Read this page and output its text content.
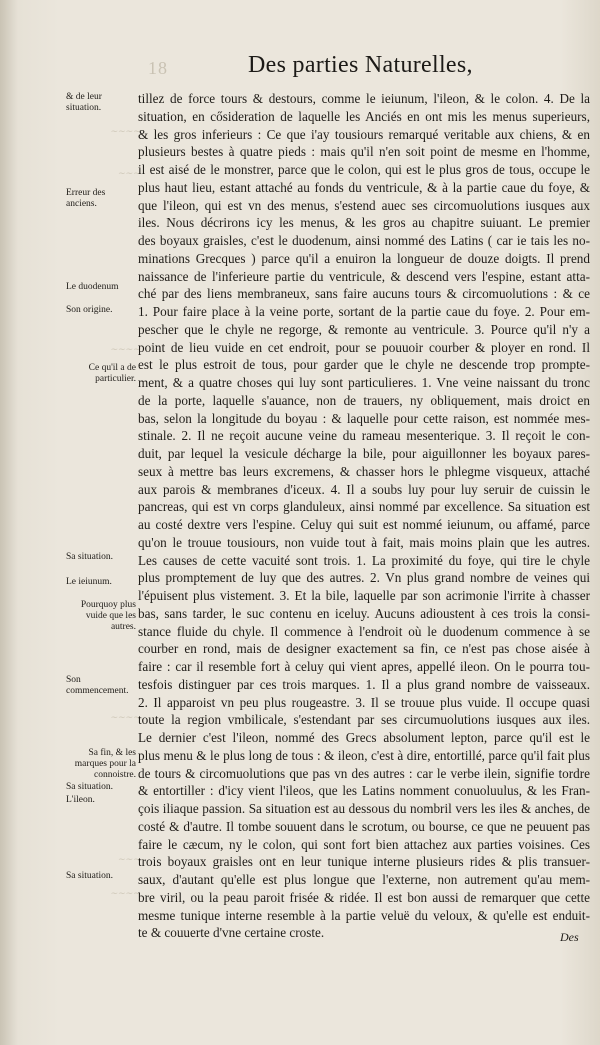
18	Des parties Naturelles,
∼∼∼∼
∼∼∼
∼∼∼∼
∼∼∼∼
∼∼∼
∼∼∼∼
& de leur situation.
Erreur des anciens.
Le duodenum
Son origine.
Ce qu'il a de particulier.
Sa situation.
Le ieiunum.
Pourquoy plus vuide que les autres.
Son commencement.
Sa fin, & les marques pour la connoistre.
Sa situation.
L'ileon.
Sa situation.
tillez de force tours & destours, comme le ieiunum, l'ileon, & le colon. 4. De la
situation, en cősideration de laquelle les Anciés en ont mis les menus superieurs,
& les gros inferieurs : Ce que i'ay tousiours remarqué veritable aux chiens, & en
plusieurs bestes à quatre pieds : mais qu'il n'en soit point de mesme en l'homme,
il est aisé de le monstrer, parce que le colon, qui est le plus gros de tous, occupe le
plus haut lieu, estant attaché au fonds du ventricule, & à la partie caue du foye, &
que l'ileon, qui est vn des menus, s'estend auec ses circomuolutions iusques aux
iles. Nous décrirons icy les menus, & les gros au chapitre suiuant. Le premier
des boyaux graisles, c'est le duodenum, ainsi nommé des Latins ( car ie tais les no-
minations Grecques ) parce qu'il a enuiron la longueur de douze doigts. Il prend
naissance de l'inferieure partie du ventricule, & descend vers l'espine, estant atta-
ché par des liens membraneux, sans faire aucuns tours & circomuolutions : & ce
1. Pour faire place à la veine porte, sortant de la partie caue du foye. 2. Pour em-
pescher que le chyle ne regorge, & remonte au ventricule. 3. Pource qu'il n'y a
point de lieu vuide en cet endroit, pour se pouuoir courber & ployer en rond. Il
est le plus estroit de tous, pour garder que le chyle ne descende trop prompte-
ment, & a quatre choses qui luy sont particulieres. 1. Vne veine naissant du tronc
de la porte, laquelle s'auance, non de trauers, ny obliquement, mais droict en
bas, selon la longitude du boyau : & laquelle pour cette raison, est nommée mes-
stinale. 2. Il ne reçoit aucune veine du rameau mesenterique. 3. Il reçoit le con-
duit, par lequel la vesicule décharge la bile, pour aiguillonner les boyaux pares-
seux à mettre bas leurs excremens, & chasser hors le phlegme visqueux, attaché
aux parois & membranes d'iceux. 4. Il a soubs luy pour luy seruir de cuissin le
pancreas, qui est vn corps glanduleux, ainsi nommé par excellence. Sa situation est
au costé dextre vers l'espine. Celuy qui suit est nommé ieiunum, ou affamé, parce
qu'on le trouue tousiours, non vuide tout à fait, mais moins plain que les autres.
Les causes de cette vacuité sont trois. 1. La proximité du foye, qui tire le chyle
plus promptement de luy que des autres. 2. Vn plus grand nombre de veines qui
l'épuisent plus vistement. 3. Et la bile, laquelle par son acrimonie l'irrite à chasser
bas, sans tarder, le suc contenu en iceluy. Aucuns adioustent à ces trois la consi-
stance fluide du chyle. Il commence à l'endroit où le duodenum commence à se
courber en rond, mais de designer exactement sa fin, ce n'est pas chose aisée à
faire : car il resemble fort à celuy qui vient apres, appellé ileon. On le pourra tou-
tesfois distinguer par ces trois marques. 1. Il a plus grand nombre de vaisseaux.
2. Il apparoist vn peu plus rougeastre. 3. Il se trouue plus vuide. Il occupe quasi
toute la region vmbilicale, s'estendant par ses circumuolutions iusques aux iles.
Le dernier c'est l'ileon, nommé des Grecs absolument lepton, parce qu'il est le
plus menu & le plus long de tous : & ileon, c'est à dire, entortillé, parce qu'il fait plus
de tours & circomuolutions que pas vn des autres : car le verbe ilein, signifie tordre
& entortiller : d'icy vient l'ileos, que les Latins nomment conuoluulus, & les Fran-
çois iliaque passion. Sa situation est au dessous du nombril vers les iles & anches, de
costé & d'autre. Il tombe souuent dans le scrotum, ou bourse, ce que ne peuuent pas
faire le cæcum, ny le colon, qui sont fort bien attachez aux parties voisines. Ces
trois boyaux graisles ont en leur tunique interne plusieurs rides & plis transuer-
saux, d'autant qu'elle est plus longue que l'externe, non autrement qu'au mem-
bre viril, ou la peau paroit frisée & ridée. Il est bon aussi de remarquer que cette
mesme tunique interne resemble à la partie veluë du veloux, & qu'elle est enduit-
te & couuerte d'vne certaine croste.	Des
